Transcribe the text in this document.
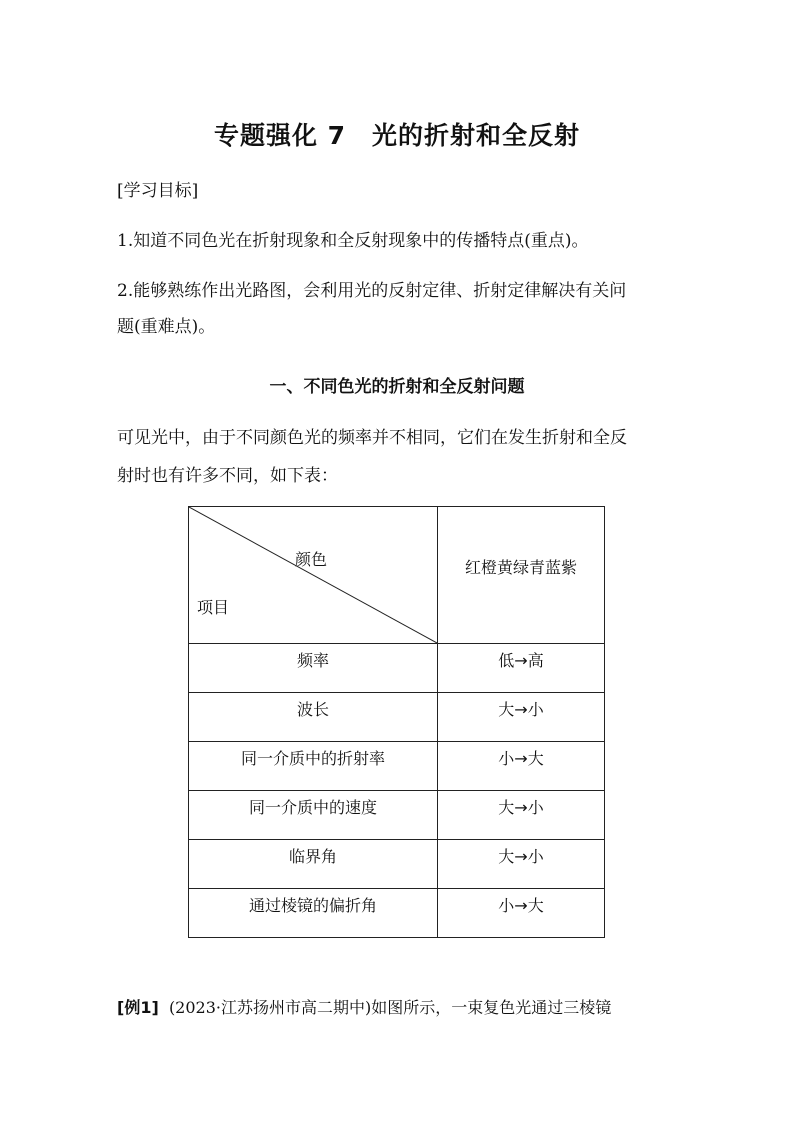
专题强化 7　光的折射和全反射
[学习目标]
1.知道不同色光在折射现象和全反射现象中的传播特点(重点)。
2.能够熟练作出光路图，会利用光的反射定律、折射定律解决有关问
题(重难点)。
一、不同色光的折射和全反射问题
可见光中，由于不同颜色光的频率并不相同，它们在发生折射和全反
射时也有许多不同，如下表：
颜色
项目	红橙黄绿青蓝紫

频率	低→高
波长	大→小
同一介质中的折射率	小→大
同一介质中的速度	大→小
临界角	大→小
通过棱镜的偏折角	小→大
[例1] (2023·江苏扬州市高二期中)如图所示，一束复色光通过三棱镜
